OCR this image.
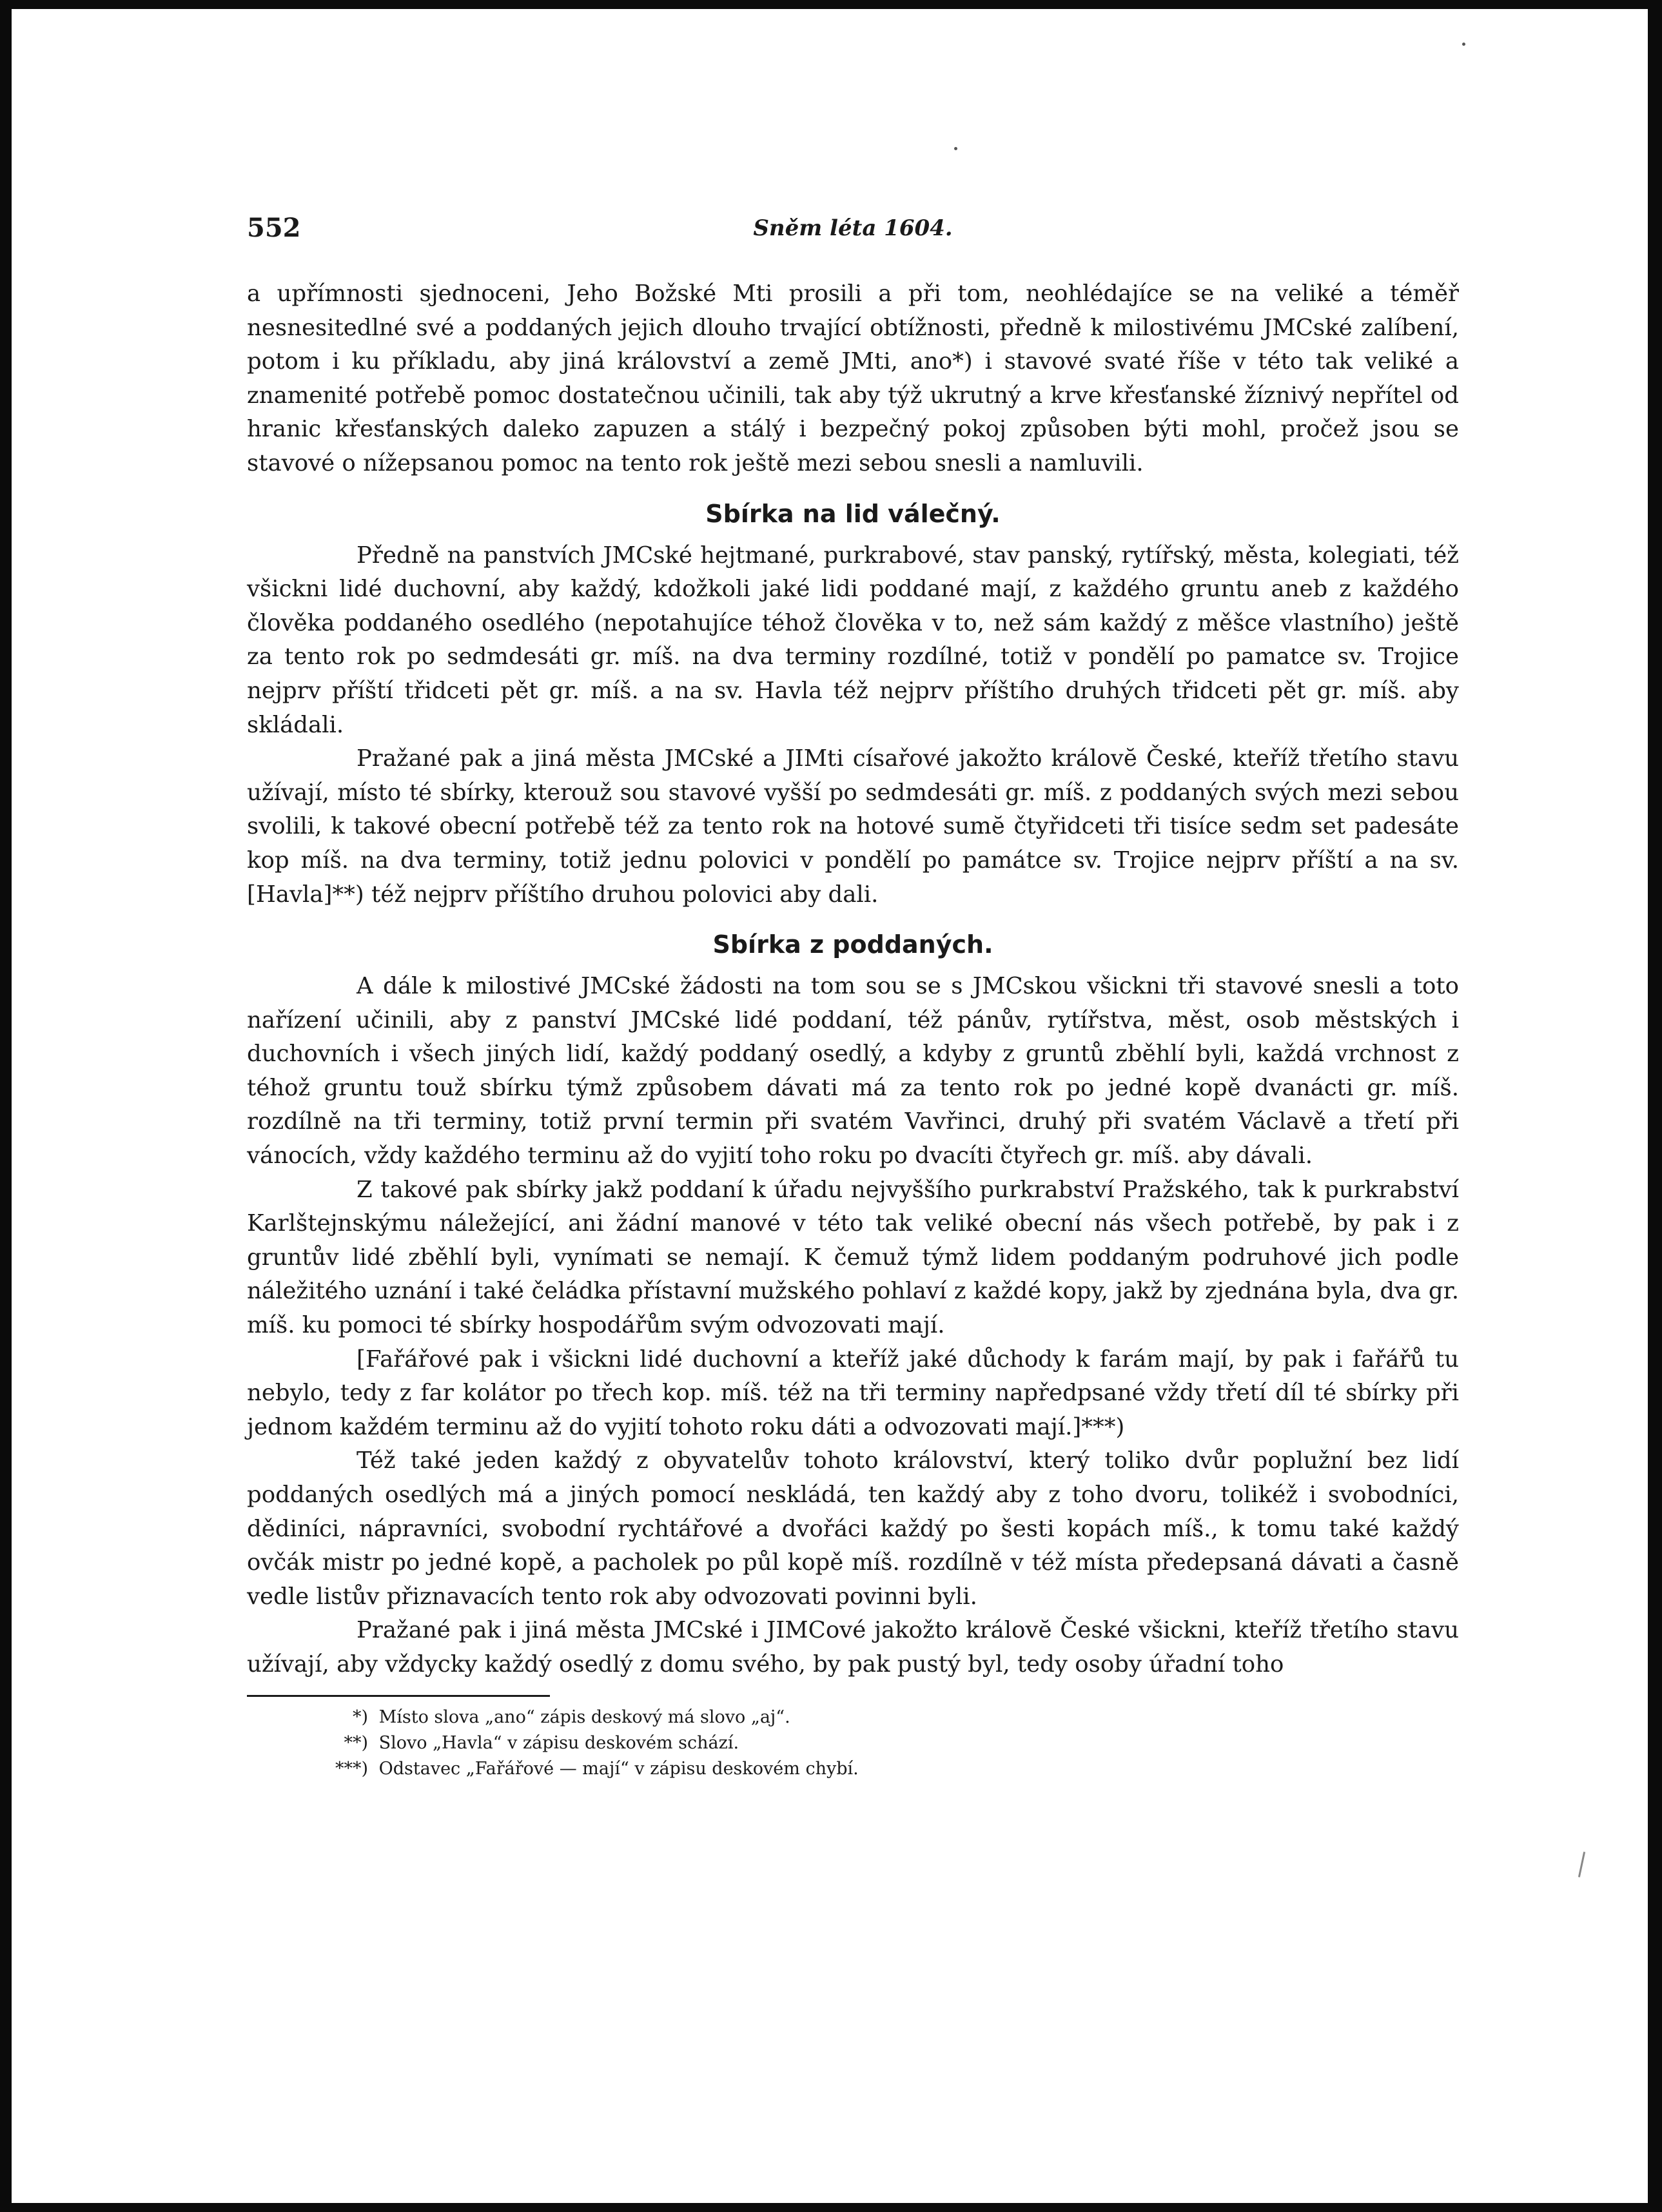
552	Sněm léta 1604.

a upřímnosti sjednoceni, Jeho Božské Mti prosili a při tom, neohlédajíce se na veliké a téměř nesnesitedlné své a poddaných jejich dlouho trvající obtížnosti, předně k milostivému JMCské zalíbení, potom i ku příkladu, aby jiná království a země JMti, ano*) i stavové svaté říše v této tak veliké a znamenité potřebě pomoc dostatečnou učinili, tak aby týž ukrutný a krve křesťanské žíznivý nepřítel od hranic křesťanských daleko zapuzen a stálý i bezpečný pokoj způsoben býti mohl, pročež jsou se stavové o nížepsanou pomoc na tento rok ještě mezi sebou snesli a namluvili.

Sbírka na lid válečný.

Předně na panstvích JMCské hejtmané, purkrabové, stav panský, rytířský, města, kolegiati, též všickni lidé duchovní, aby každý, kdožkoli jaké lidi poddané mají, z každého gruntu aneb z každého člověka poddaného osedlého (nepotahujíce téhož člověka v to, než sám každý z měšce vlastního) ještě za tento rok po sedmdesáti gr. míš. na dva terminy rozdílné, totiž v pondělí po pamatce sv. Trojice nejprv příští třidceti pět gr. míš. a na sv. Havla též nejprv příštího druhých třidceti pět gr. míš. aby skládali.

Pražané pak a jiná města JMCské a JIMti císařové jakožto královĕ České, kteříž třetího stavu užívají, místo té sbírky, kterouž sou stavové vyšší po sedmdesáti gr. míš. z poddaných svých mezi sebou svolili, k takové obecní potřebě též za tento rok na hotové sumĕ čtyřidceti tři tisíce sedm set padesáte kop míš. na dva terminy, totiž jednu polovici v pondělí po památce sv. Trojice nejprv příští a na sv. [Havla]**) též nejprv příštího druhou polovici aby dali.

Sbírka z poddaných.

A dále k milostivé JMCské žádosti na tom sou se s JMCskou všickni tři stavové snesli a toto nařízení učinili, aby z panství JMCské lidé poddaní, též pánův, rytířstva, měst, osob městských i duchovních i všech jiných lidí, každý poddaný osedlý, a kdyby z gruntů zběhlí byli, každá vrchnost z téhož gruntu touž sbírku týmž způsobem dávati má za tento rok po jedné kopě dvanácti gr. míš. rozdílně na tři terminy, totiž první termin při svatém Vavřinci, druhý při svatém Václavě a třetí při vánocích, vždy každého terminu až do vyjití toho roku po dvacíti čtyřech gr. míš. aby dávali.

Z takové pak sbírky jakž poddaní k úřadu nejvyššího purkrabství Pražského, tak k purkrabství Karlštejnskýmu náležející, ani žádní manové v této tak veliké obecní nás všech potřebě, by pak i z gruntův lidé zběhlí byli, vynímati se nemají. K čemuž týmž lidem poddaným podruhové jich podle náležitého uznání i také čeládka přístavní mužského pohlaví z každé kopy, jakž by zjednána byla, dva gr. míš. ku pomoci té sbírky hospodářům svým odvozovati mají.

[Fařářové pak i všickni lidé duchovní a kteříž jaké důchody k farám mají, by pak i fařářů tu nebylo, tedy z far kolátor po třech kop. míš. též na tři terminy napředpsané vždy třetí díl té sbírky při jednom každém terminu až do vyjití tohoto roku dáti a odvozovati mají.]***)

Též také jeden každý z obyvatelův tohoto království, který toliko dvůr poplužní bez lidí poddaných osedlých má a jiných pomocí neskládá, ten každý aby z toho dvoru, tolikéž i svobodníci, dědiníci, nápravníci, svobodní rychtářové a dvořáci každý po šesti kopách míš., k tomu také každý ovčák mistr po jedné kopě, a pacholek po půl kopě míš. rozdílně v též místa předepsaná dávati a časně vedle listův přiznavacích tento rok aby odvozovati povinni byli.

Pražané pak i jiná města JMCské i JIMCové jakožto královĕ České všickni, kteříž třetího stavu užívají, aby vždycky každý osedlý z domu svého, by pak pustý byl, tedy osoby úřadní toho

*) Místo slova „ano“ zápis deskový má slovo „aj“.

**) Slovo „Havla“ v zápisu deskovém schází.

***) Odstavec „Fařářové — mají“ v zápisu deskovém chybí.
